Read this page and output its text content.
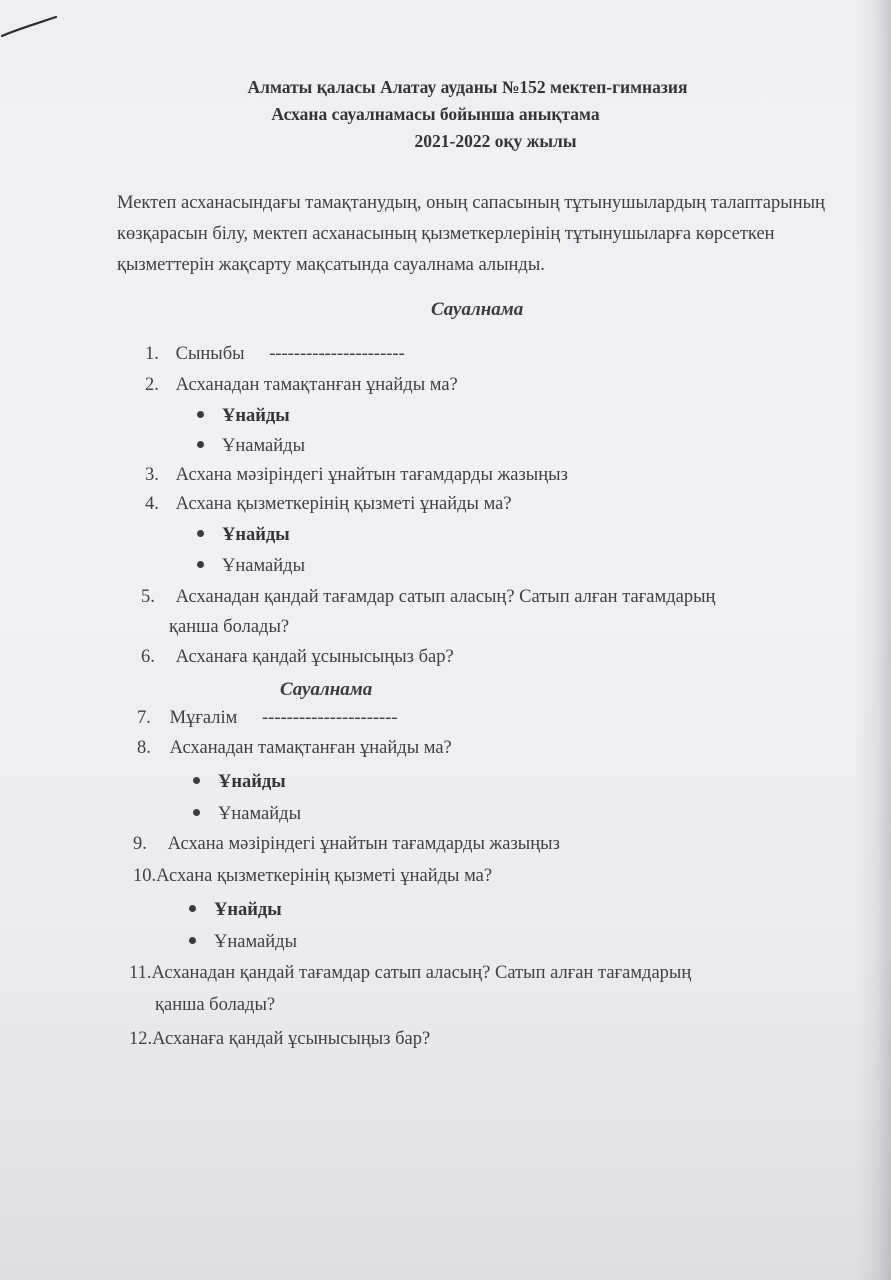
Алматы қаласы Алатау ауданы №152 мектеп-гимназия
Асхана сауалнамасы бойынша анықтама
2021-2022 оқу жылы
Мектеп асханасындағы тамақтанудың, оның сапасының тұтынушылардың талаптарының көзқарасын білу, мектеп асханасының қызметкерлерінің тұтынушыларға көрсеткен қызметтерін жақсарту мақсатында сауалнама алынды.
Сауалнама
1. Сыныбы ----------------------
2. Асханадан тамақтанған ұнайды ма?
Ұнайды
Ұнамайды
3. Асхана мәзіріндегі ұнайтын тағамдарды жазыңыз
4. Асхана қызметкерінің қызметі ұнайды ма?
Ұнайды
Ұнамайды
5. Асханадан қандай тағамдар сатып аласың? Сатып алған тағамдарың
қанша болады?
6. Асханаға қандай ұсынысыңыз бар?
Сауалнама
7. Мұғалім ----------------------
8. Асханадан тамақтанған ұнайды ма?
Ұнайды
Ұнамайды
9. Асхана мәзіріндегі ұнайтын тағамдарды жазыңыз
10.Асхана қызметкерінің қызметі ұнайды ма?
Ұнайды
Ұнамайды
11.Асханадан қандай тағамдар сатып аласың? Сатып алған тағамдарың
қанша болады?
12.Асханаға қандай ұсынысыңыз бар?
